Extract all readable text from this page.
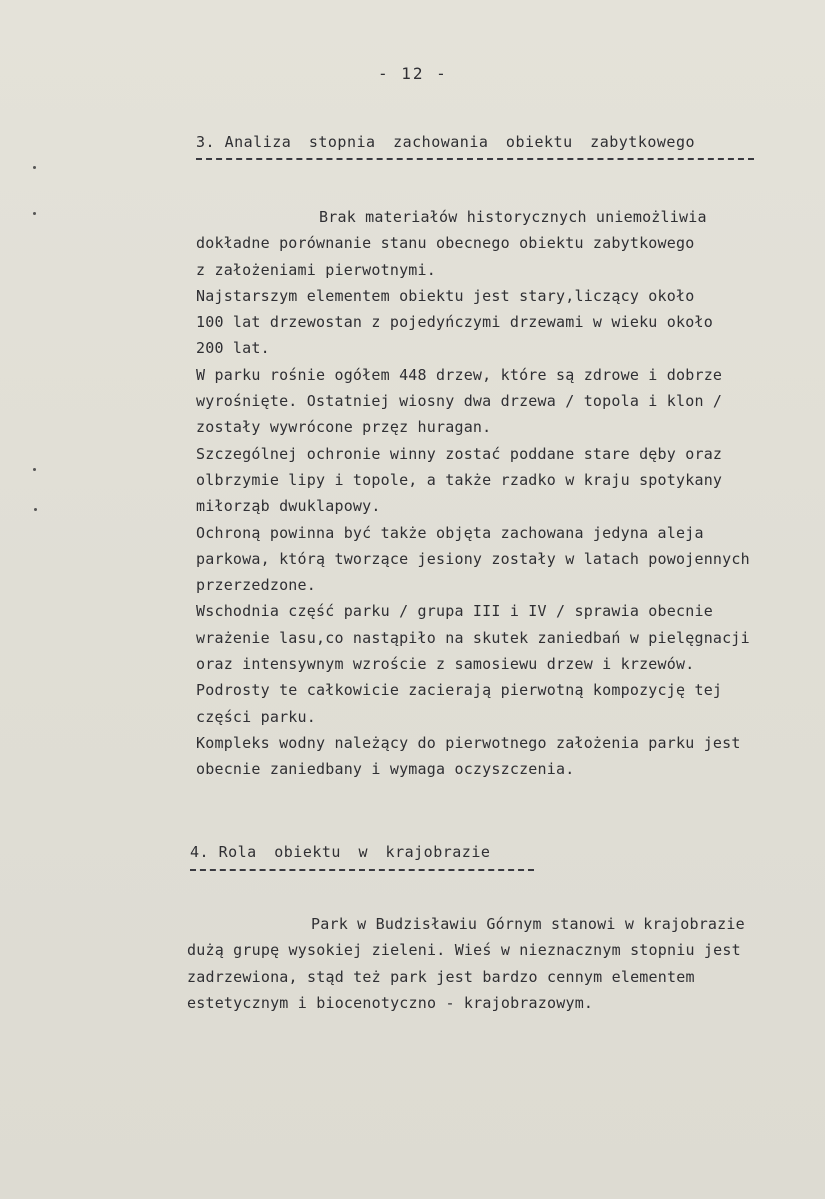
- 12 -
3. Analiza stopnia zachowania obiektu zabytkowego
Brak materiałów historycznych uniemożliwia
dokładne porównanie stanu obecnego obiektu zabytkowego
z założeniami pierwotnymi.
Najstarszym elementem obiektu jest stary,liczący około
100 lat drzewostan z pojedyńczymi drzewami w wieku około
200 lat.
W parku rośnie ogółem 448 drzew, które są zdrowe i dobrze
wyrośnięte. Ostatniej wiosny dwa drzewa / topola i klon /
zostały wywrócone przęz huragan.
Szczególnej ochronie winny zostać poddane stare dęby oraz
olbrzymie lipy i topole, a także rzadko w kraju spotykany
miłorząb dwuklapowy.
Ochroną powinna być także objęta zachowana jedyna aleja
parkowa, którą tworzące jesiony zostały w latach powojennych
przerzedzone.
Wschodnia część parku / grupa III i IV / sprawia obecnie
wrażenie lasu,co nastąpiło na skutek zaniedbań w pielęgnacji
oraz intensywnym wzroście z samosiewu drzew i krzewów.
Podrosty te całkowicie zacierają pierwotną kompozycję tej
części parku.
Kompleks wodny należący do pierwotnego założenia parku jest
obecnie zaniedbany i wymaga oczyszczenia.
4. Rola obiektu w krajobrazie
Park w Budzisławiu Górnym stanowi w krajobrazie
dużą grupę wysokiej zieleni. Wieś w nieznacznym stopniu jest
zadrzewiona, stąd też park jest bardzo cennym elementem
estetycznym i biocenotyczno - krajobrazowym.
